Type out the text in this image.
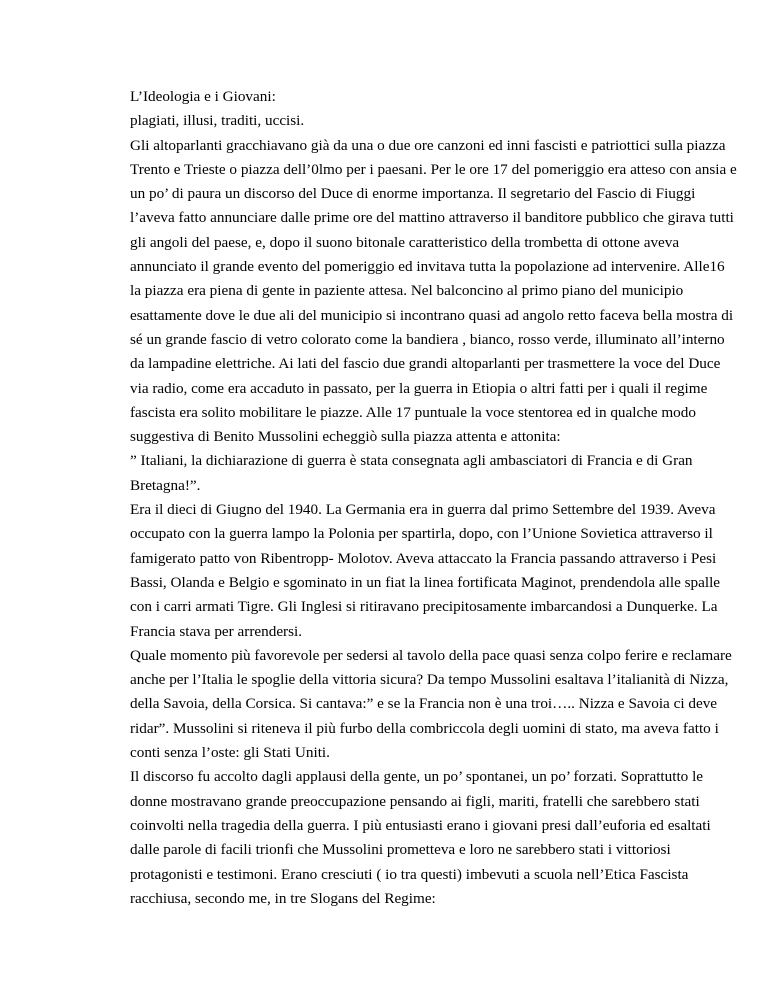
L’Ideologia e i Giovani:
plagiati, illusi, traditi, uccisi.
Gli altoparlanti gracchiavano già da una o due ore canzoni ed inni fascisti e patriottici sulla piazza
Trento e Trieste o piazza dell’0lmo per i paesani. Per le ore 17 del pomeriggio era atteso con ansia e
un po’ di paura un discorso del Duce di enorme importanza. Il segretario del Fascio di Fiuggi
l’aveva fatto annunciare dalle prime ore del mattino attraverso il banditore pubblico che girava tutti
gli angoli del paese, e, dopo il suono bitonale caratteristico della trombetta di ottone aveva
annunciato il grande evento del pomeriggio ed invitava tutta la popolazione ad intervenire. Alle16
la piazza era piena di gente in paziente attesa. Nel balconcino al primo piano del municipio
esattamente dove le due ali del municipio si incontrano quasi ad angolo retto faceva bella mostra di
sé un grande fascio di vetro colorato come la bandiera , bianco, rosso verde, illuminato all’interno
da lampadine elettriche. Ai lati del fascio due grandi altoparlanti per trasmettere la voce del Duce
via radio, come era accaduto in passato, per la guerra in Etiopia o altri fatti per i quali il regime
fascista era solito mobilitare le piazze. Alle 17 puntuale la voce stentorea ed in qualche modo
suggestiva di Benito Mussolini echeggiò sulla piazza attenta e attonita:
” Italiani, la dichiarazione di guerra è stata consegnata agli ambasciatori di Francia e di Gran
Bretagna!”.
Era il dieci di Giugno del 1940. La Germania era in guerra dal primo Settembre del 1939. Aveva
occupato con la guerra lampo la Polonia per spartirla, dopo, con l’Unione Sovietica attraverso il
famigerato patto von Ribentropp- Molotov. Aveva attaccato la Francia passando attraverso i Pesi
Bassi, Olanda e Belgio e sgominato in un fiat la linea fortificata Maginot, prendendola alle spalle
con i carri armati Tigre. Gli Inglesi si ritiravano precipitosamente imbarcandosi a Dunquerke. La
Francia stava per arrendersi.
Quale momento più favorevole per sedersi al tavolo della pace quasi senza colpo ferire e reclamare
anche per l’Italia le spoglie della vittoria sicura? Da tempo Mussolini esaltava l’italianità di Nizza,
della Savoia, della Corsica. Si cantava:” e se la Francia non è una troi….. Nizza e Savoia ci deve
ridar”. Mussolini si riteneva il più furbo della combriccola degli uomini di stato, ma aveva fatto i
conti senza l’oste: gli Stati Uniti.
Il discorso fu accolto dagli applausi della gente, un po’ spontanei, un po’ forzati. Soprattutto le
donne mostravano grande preoccupazione pensando ai figli, mariti, fratelli che sarebbero stati
coinvolti nella tragedia della guerra. I più entusiasti erano i giovani presi dall’euforia ed esaltati
dalle parole di facili trionfi che Mussolini prometteva e loro ne sarebbero stati i vittoriosi
protagonisti e testimoni. Erano cresciuti ( io tra questi) imbevuti a scuola nell’Etica Fascista
racchiusa, secondo me, in tre Slogans del Regime:
